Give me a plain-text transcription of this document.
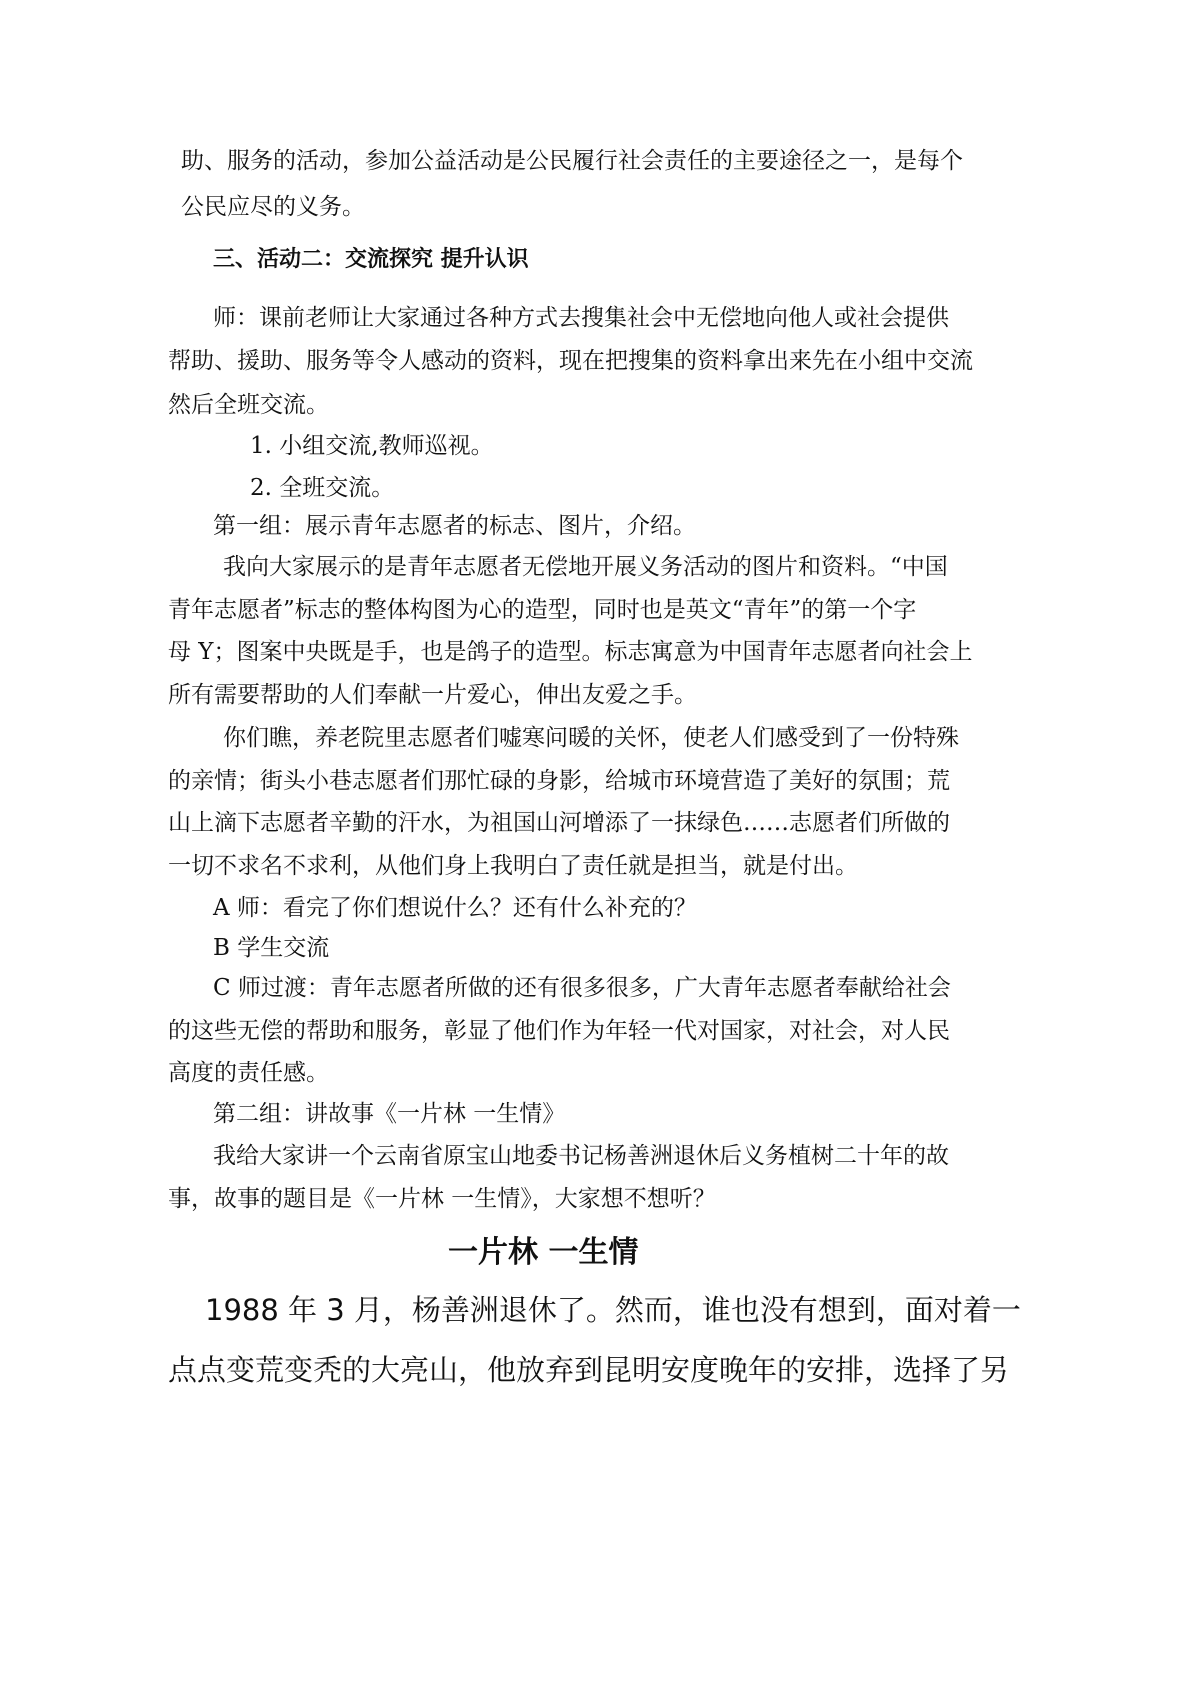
助、服务的活动，参加公益活动是公民履行社会责任的主要途径之一，是每个
公民应尽的义务。
三、活动二：交流探究 提升认识
师：课前老师让大家通过各种方式去搜集社会中无偿地向他人或社会提供
帮助、援助、服务等令人感动的资料，现在把搜集的资料拿出来先在小组中交流
然后全班交流。
1. 小组交流,教师巡视。
2. 全班交流。
第一组：展示青年志愿者的标志、图片，介绍。
我向大家展示的是青年志愿者无偿地开展义务活动的图片和资料。“中国
青年志愿者”标志的整体构图为心的造型，同时也是英文“青年”的第一个字
母 Y；图案中央既是手，也是鸽子的造型。标志寓意为中国青年志愿者向社会上
所有需要帮助的人们奉献一片爱心，伸出友爱之手。
你们瞧，养老院里志愿者们嘘寒问暖的关怀，使老人们感受到了一份特殊
的亲情；街头小巷志愿者们那忙碌的身影，给城市环境营造了美好的氛围；荒
山上滴下志愿者辛勤的汗水，为祖国山河增添了一抹绿色……志愿者们所做的
一切不求名不求利，从他们身上我明白了责任就是担当，就是付出。
A 师：看完了你们想说什么？还有什么补充的？
B 学生交流
C 师过渡：青年志愿者所做的还有很多很多，广大青年志愿者奉献给社会
的这些无偿的帮助和服务，彰显了他们作为年轻一代对国家，对社会，对人民
高度的责任感。
第二组：讲故事《一片林 一生情》
我给大家讲一个云南省原宝山地委书记杨善洲退休后义务植树二十年的故
事，故事的题目是《一片林 一生情》，大家想不想听？
一片林 一生情
1988 年 3 月，杨善洲退休了。然而，谁也没有想到，面对着一
点点变荒变秃的大亮山，他放弃到昆明安度晚年的安排，选择了另
